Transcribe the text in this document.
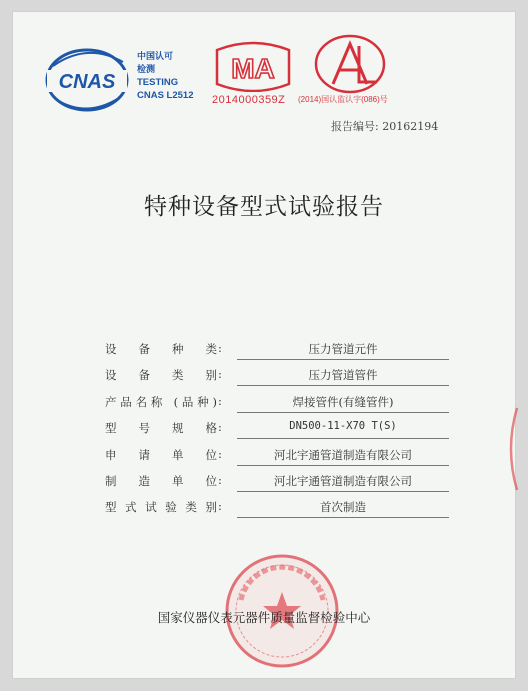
CNAS
中国认可
检测
TESTING
CNAS L2512
MA
2014000359Z (2014)国认监认字(086)号
报告编号: 20162194
特种设备型式试验报告
设 备 种 类 :	压力管道元件
设 备 类 别 :	压力管道管件
产品名称 (品种) :	焊接管件(有缝管件)
型 号 规 格 :	DN500-11-X70 T(S)
申 请 单 位 :	河北宇通管道制造有限公司
制 造 单 位 :	河北宇通管道制造有限公司
型式试验类别 :	首次制造
国家仪器仪表元器件质量监督检验中心
